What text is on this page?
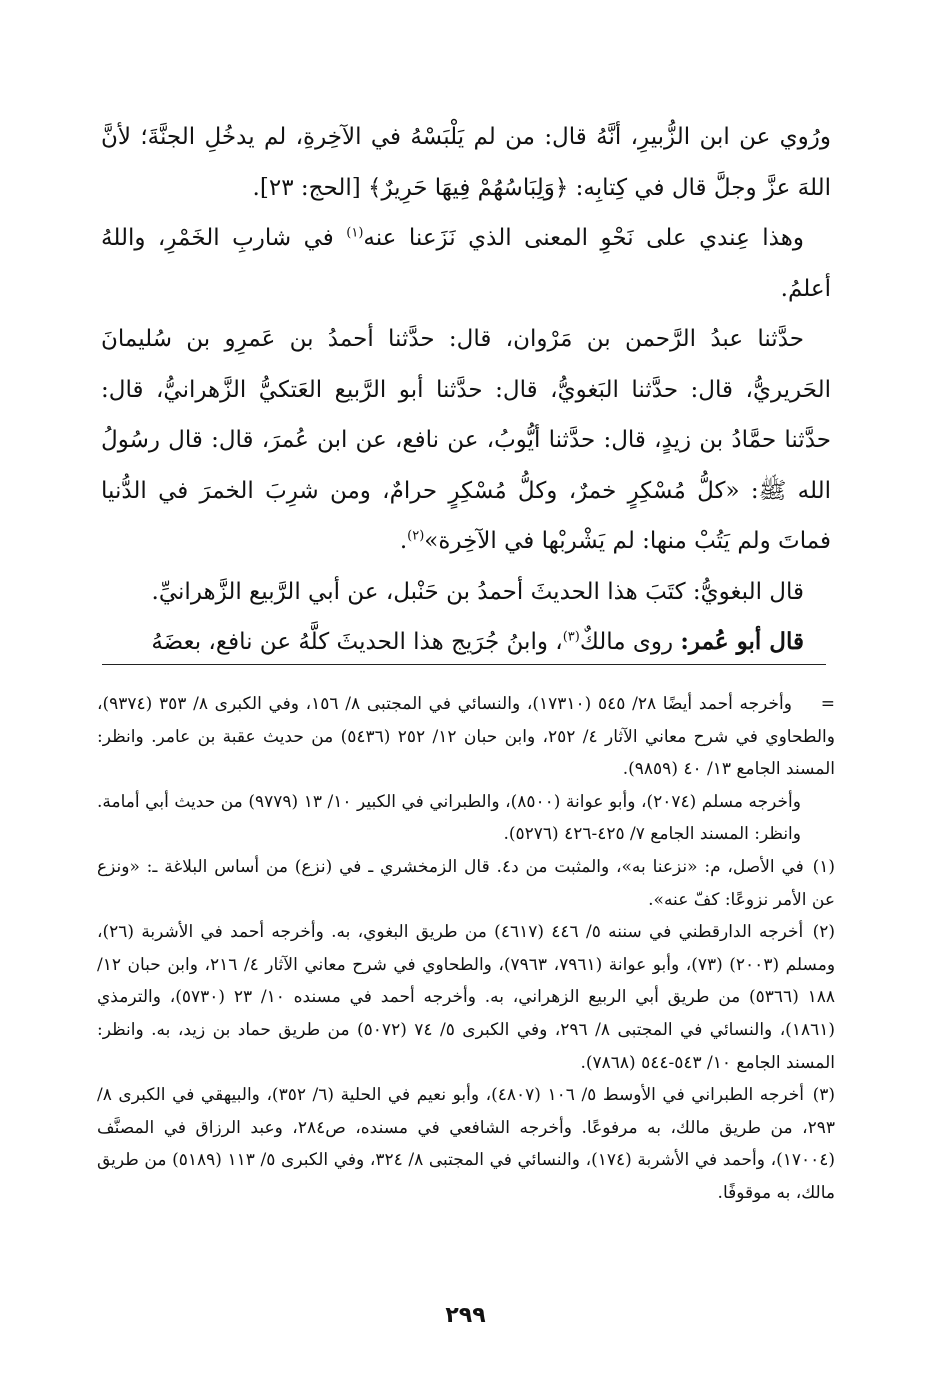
ورُوي عن ابن الزُّبيرِ، أنَّهُ قال: من لم يَلْبَسْهُ في الآخِرةِ، لم يدخُلِ الجنَّةَ؛ لأنَّ اللهَ عزَّ وجلَّ قال في كِتابِه: ﴿وَلِبَاسُهُمْ فِيهَا حَرِيرٌ﴾ [الحج: ٢٣].

وهذا عِندي على نَحْوِ المعنى الذي نَزَعنا عنه$^{(١)}$ في شاربِ الخَمْرِ، واللهُ أعلمُ.

حدَّثنا عبدُ الرَّحمن بن مَرْوان، قال: حدَّثنا أحمدُ بن عَمرِو بن سُليمانَ الحَريريُّ، قال: حدَّثنا البَغويُّ، قال: حدَّثنا أبو الرَّبيع العَتكيُّ الزَّهرانيُّ، قال: حدَّثنا حمَّادُ بن زيدٍ، قال: حدَّثنا أيُّوبُ، عن نافع، عن ابن عُمرَ، قال: قال رسُولُ الله ﷺ: «كلُّ مُسْكِرٍ خمرٌ، وكلُّ مُسْكِرٍ حرامٌ، ومن شرِبَ الخمرَ في الدُّنيا فماتَ ولم يَتُبْ منها: لم يَشْربْها في الآخِرة»$^{(٢)}$.

قال البغويُّ: كتَبَ هذا الحديثَ أحمدُ بن حَنْبل، عن أبي الرَّبيع الزَّهرانيِّ.

قال أبو عُمر: روى مالكٌ$^{(٣)}$، وابنُ جُرَيج هذا الحديثَ كلَّهُ عن نافع، بعضَهُ

=    وأخرجه أحمد أيضًا ٢٨/ ٥٤٥ (١٧٣١٠)، والنسائي في المجتبى ٨/ ١٥٦، وفي الكبرى ٨/ ٣٥٣ (٩٣٧٤)، والطحاوي في شرح معاني الآثار ٤/ ٢٥٢، وابن حبان ١٢/ ٢٥٢ (٥٤٣٦) من حديث عقبة بن عامر. وانظر: المسند الجامع ١٣/ ٤٠ (٩٨٥٩).

وأخرجه مسلم (٢٠٧٤)، وأبو عوانة (٨٥٠٠)، والطبراني في الكبير ١٠/ ١٣ (٩٧٧٩) من حديث أبي أمامة. وانظر: المسند الجامع ٧/ ٤٢٥-٤٢٦ (٥٢٧٦).

(١) في الأصل، م: «نزعنا به»، والمثبت من د٤. قال الزمخشري ـ في (نزع) من أساس البلاغة ـ: «ونزع عن الأمر نزوعًا: كفّ عنه».

(٢) أخرجه الدارقطني في سننه ٥/ ٤٤٦ (٤٦١٧) من طريق البغوي، به. وأخرجه أحمد في الأشربة (٢٦)، ومسلم (٢٠٠٣) (٧٣)، وأبو عوانة (٧٩٦١، ٧٩٦٣)، والطحاوي في شرح معاني الآثار ٤/ ٢١٦، وابن حبان ١٢/ ١٨٨ (٥٣٦٦) من طريق أبي الربيع الزهراني، به. وأخرجه أحمد في مسنده ١٠/ ٢٣ (٥٧٣٠)، والترمذي (١٨٦١)، والنسائي في المجتبى ٨/ ٢٩٦، وفي الكبرى ٥/ ٧٤ (٥٠٧٢) من طريق حماد بن زيد، به. وانظر: المسند الجامع ١٠/ ٥٤٣-٥٤٤ (٧٨٦٨).

(٣) أخرجه الطبراني في الأوسط ٥/ ١٠٦ (٤٨٠٧)، وأبو نعيم في الحلية (٦/ ٣٥٢)، والبيهقي في الكبرى ٨/ ٢٩٣، من طريق مالك، به مرفوعًا. وأخرجه الشافعي في مسنده، ص٢٨٤، وعبد الرزاق في المصنَّف (١٧٠٠٤)، وأحمد في الأشربة (١٧٤)، والنسائي في المجتبى ٨/ ٣٢٤، وفي الكبرى ٥/ ١١٣ (٥١٨٩) من طريق مالك، به موقوفًا.

٢٩٩
